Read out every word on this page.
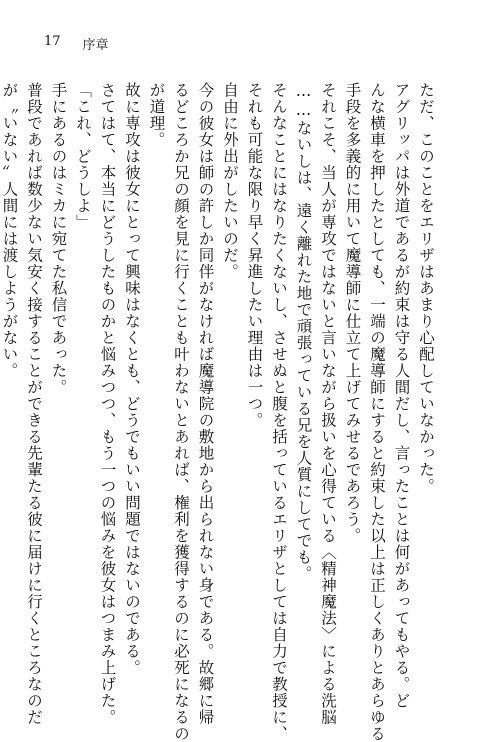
17 序章
ただ、このことをエリザはあまり心配していなかった。
アグリッパは外道であるが約束は守る人間だし、言ったことは何があってもやる。ど
んな横車を押したとしても、一端の魔導師にすると約束した以上は正しくありとあらゆる
手段を多義的に用いて魔導師に仕立て上げてみせるであろう。
それこそ、当人が専攻ではないと言いながら扱いを心得ている〈精神魔法〉による洗脳
……ないしは、遠く離れた地で頑張っている兄を人質にしてでも。
そんなことにはなりたくないし、させぬと腹を括っているエリザとしては自力で教授に、
それも可能な限り早く昇進したい理由は一つ。
自由に外出がしたいのだ。
今の彼女は師の許しか同伴がなければ魔導院の敷地から出られない身である。故郷に帰
るどころか兄の顔を見に行くことも叶わないとあれば、権利を獲得するのに必死になるの
が道理。
故に専攻は彼女にとって興味はなくとも、どうでもいい問題ではないのである。
さてはて、本当にどうしたものかと悩みつつ、もう一つの悩みを彼女はつまみ上げた。
「これ、どうしよ」
手にあるのはミカに宛てた私信であった。
普段であれば数少ない気安く接することができる先輩たる彼に届けに行くところなのだ
が〝いない〟人間には渡しようがない。
